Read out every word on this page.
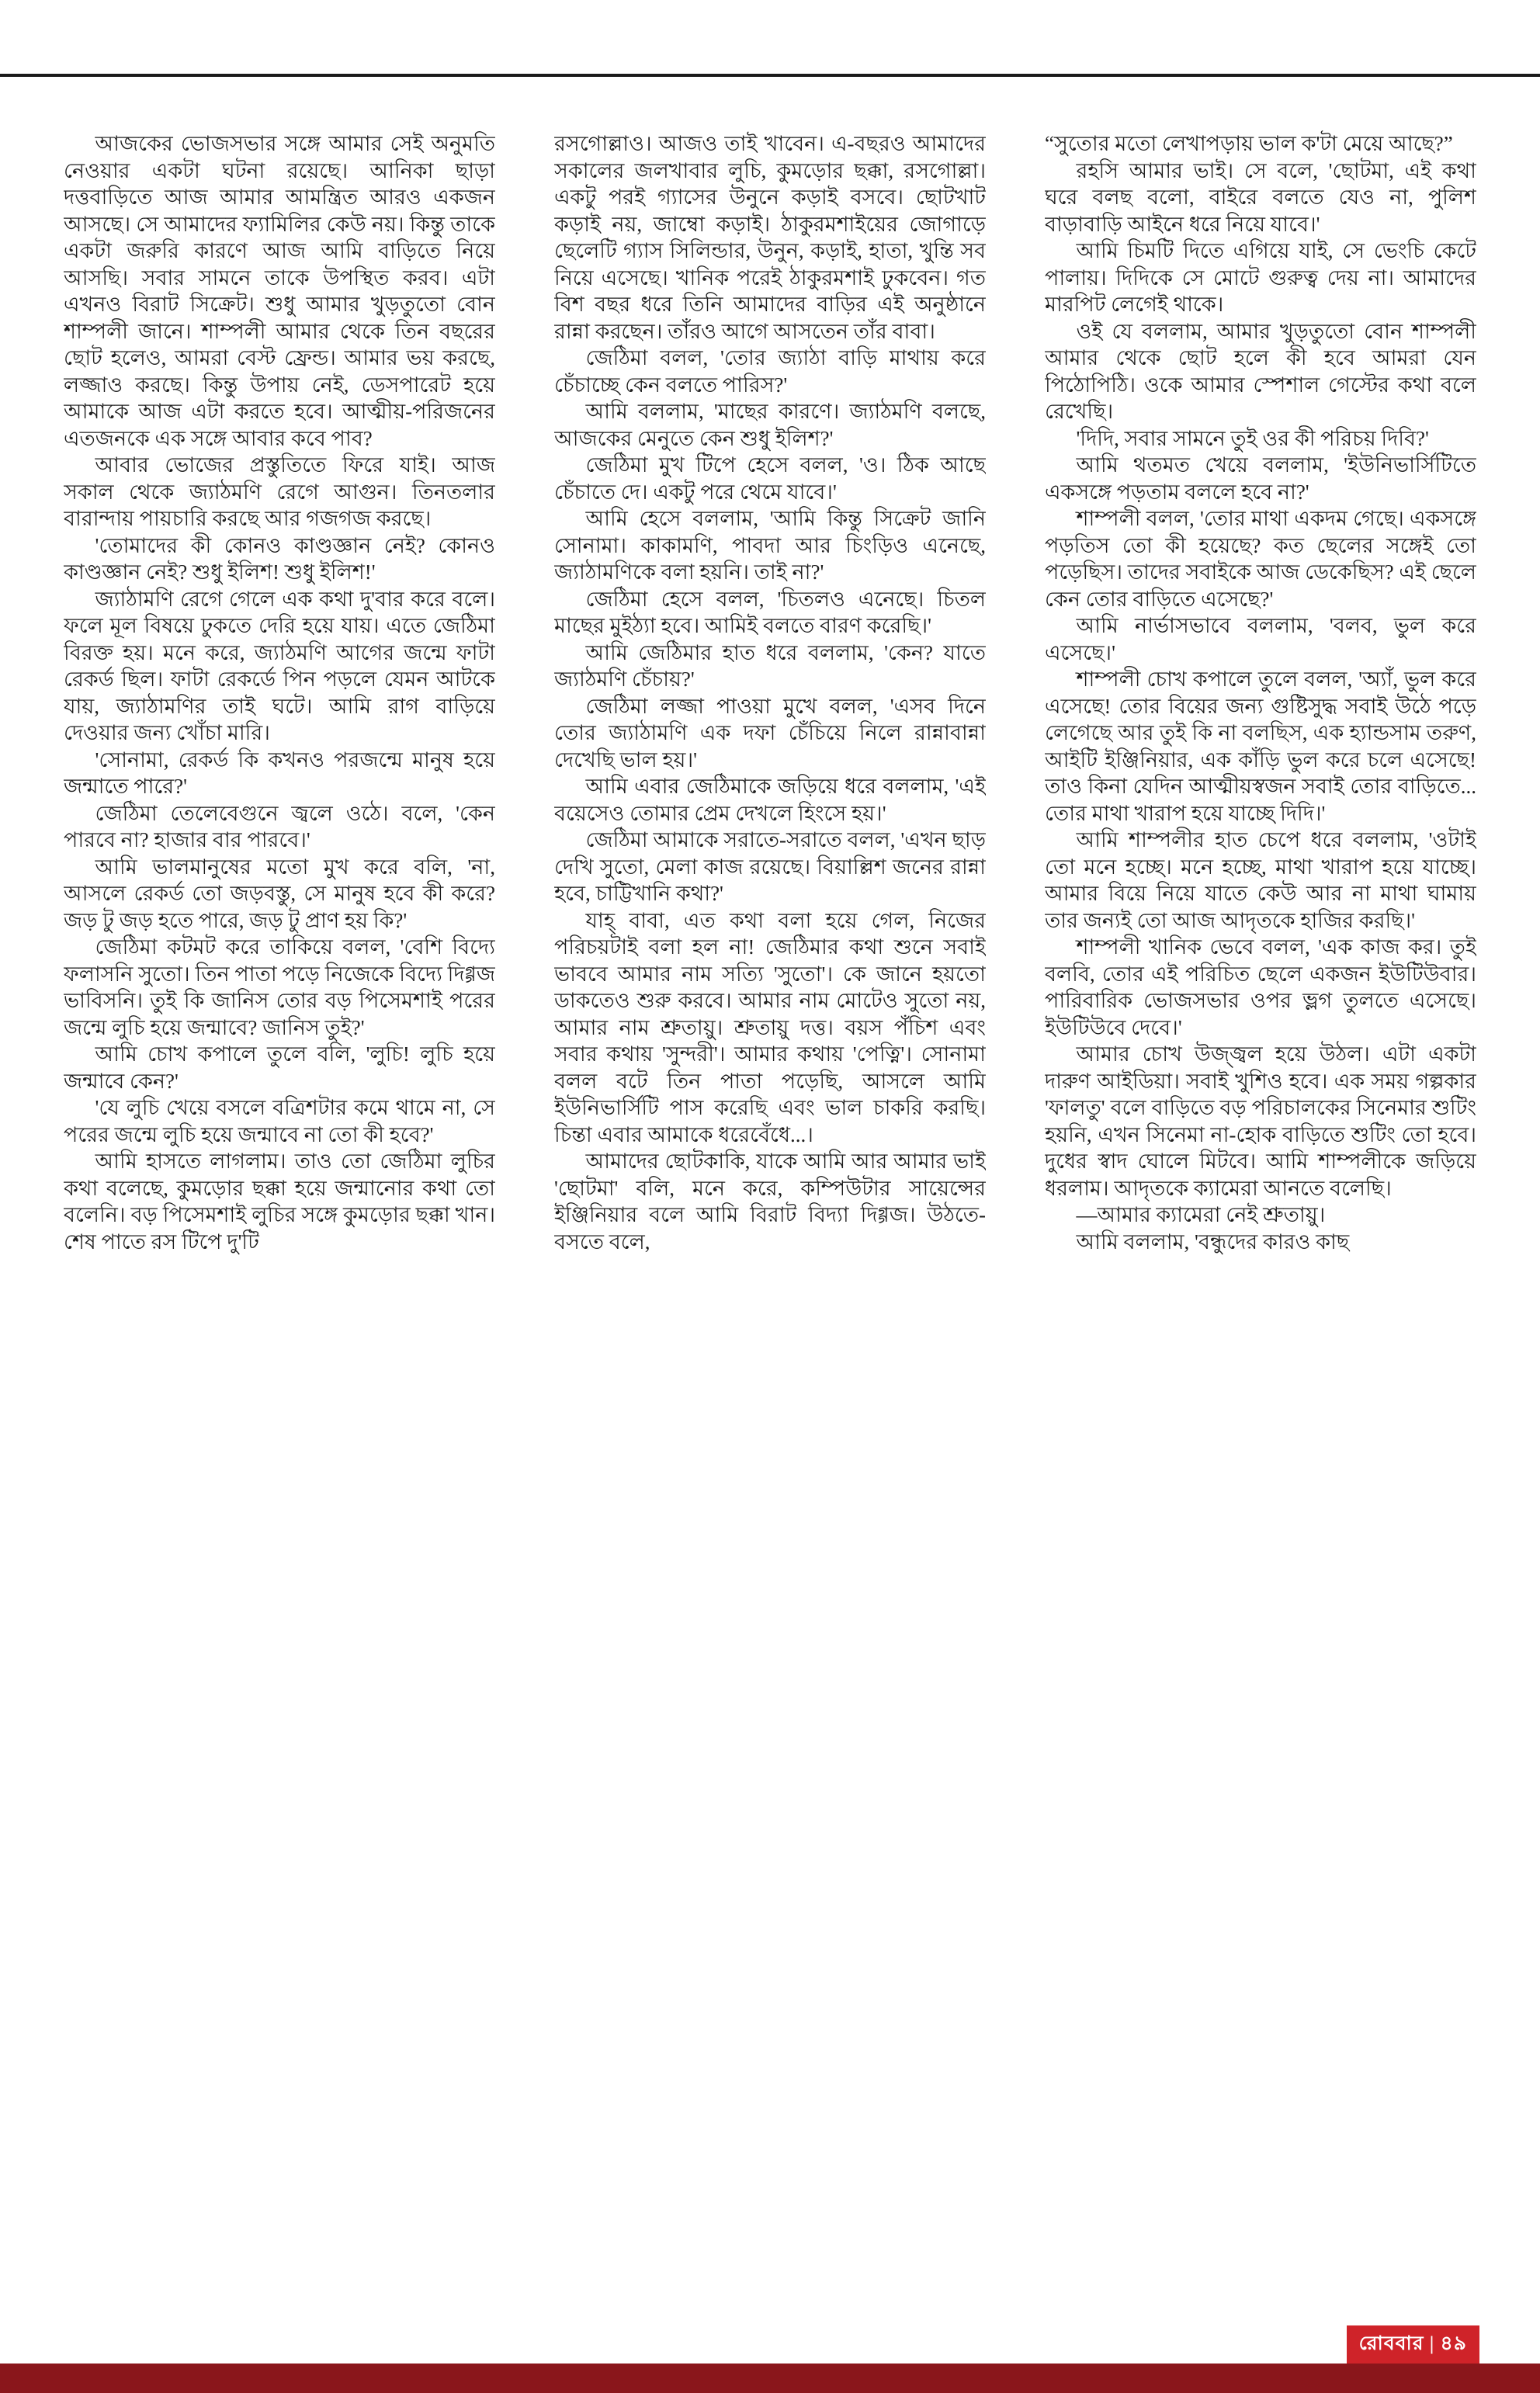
আজকের ভোজসভার সঙ্গে আমার সেই অনুমতি নেওয়ার একটা ঘটনা রয়েছে। আনিকা ছাড়া দত্তবাড়িতে আজ আমার আমন্ত্রিত আরও একজন আসছে। সে আমাদের ফ্যামিলির কেউ নয়। কিন্তু তাকে একটা জরুরি কারণে আজ আমি বাড়িতে নিয়ে আসছি। সবার সামনে তাকে উপস্থিত করব। এটা এখনও বিরাট সিক্রেট। শুধু আমার খুড়তুতো বোন শাম্পলী জানে। শাম্পলী আমার থেকে তিন বছরের ছোট হলেও, আমরা বেস্ট ফ্রেন্ড। আমার ভয় করছে, লজ্জাও করছে। কিন্তু উপায় নেই, ডেসপারেট হয়ে আমাকে আজ এটা করতে হবে। আত্মীয়-পরিজনের এতজনকে এক সঙ্গে আবার কবে পাব?

আবার ভোজের প্রস্তুতিতে ফিরে যাই। আজ সকাল থেকে জ্যাঠমণি রেগে আগুন। তিনতলার বারান্দায় পায়চারি করছে আর গজগজ করছে।

'তোমাদের কী কোনও কাণ্ডজ্ঞান নেই? কোনও কাণ্ডজ্ঞান নেই? শুধু ইলিশ! শুধু ইলিশ!'

জ্যাঠামণি রেগে গেলে এক কথা দু'বার করে বলে। ফলে মূল বিষয়ে ঢুকতে দেরি হয়ে যায়। এতে জেঠিমা বিরক্ত হয়। মনে করে, জ্যাঠমণি আগের জন্মে ফাটা রেকর্ড ছিল। ফাটা রেকর্ডে পিন পড়লে যেমন আটকে যায়, জ্যাঠামণির তাই ঘটে। আমি রাগ বাড়িয়ে দেওয়ার জন্য খোঁচা মারি।

'সোনামা, রেকর্ড কি কখনও পরজন্মে মানুষ হয়ে জন্মাতে পারে?'

জেঠিমা তেলেবেগুনে জ্বলে ওঠে। বলে, 'কেন পারবে না? হাজার বার পারবে।'

আমি ভালমানুষের মতো মুখ করে বলি, 'না, আসলে রেকর্ড তো জড়বস্তু, সে মানুষ হবে কী করে? জড় টু জড় হতে পারে, জড় টু প্রাণ হয় কি?'

জেঠিমা কটমট করে তাকিয়ে বলল, 'বেশি বিদ্যে ফলাসনি সুতো। তিন পাতা পড়ে নিজেকে বিদ্যে দিগ্গজ ভাবিসনি। তুই কি জানিস তোর বড় পিসেমশাই পরের জন্মে লুচি হয়ে জন্মাবে? জানিস তুই?'

আমি চোখ কপালে তুলে বলি, 'লুচি! লুচি হয়ে জন্মাবে কেন?'

'যে লুচি খেয়ে বসলে বত্রিশটার কমে থামে না, সে পরের জন্মে লুচি হয়ে জন্মাবে না তো কী হবে?'

আমি হাসতে লাগলাম। তাও তো জেঠিমা লুচির কথা বলেছে, কুমড়োর ছক্কা হয়ে জন্মানোর কথা তো বলেনি। বড় পিসেমশাই লুচির সঙ্গে কুমড়োর ছক্কা খান। শেষ পাতে রস টিপে দু'টি

রসগোল্লাও। আজও তাই খাবেন। এ-বছরও আমাদের সকালের জলখাবার লুচি, কুমড়োর ছক্কা, রসগোল্লা। একটু পরই গ্যাসের উনুনে কড়াই বসবে। ছোটখাট কড়াই নয়, জাম্বো কড়াই। ঠাকুরমশাইয়ের জোগাড়ে ছেলেটি গ্যাস সিলিন্ডার, উনুন, কড়াই, হাতা, খুন্তি সব নিয়ে এসেছে। খানিক পরেই ঠাকুরমশাই ঢুকবেন। গত বিশ বছর ধরে তিনি আমাদের বাড়ির এই অনুষ্ঠানে রান্না করছেন। তাঁরও আগে আসতেন তাঁর বাবা।

জেঠিমা বলল, 'তোর জ্যাঠা বাড়ি মাথায় করে চেঁচাচ্ছে কেন বলতে পারিস?'

আমি বললাম, 'মাছের কারণে। জ্যাঠমণি বলছে, আজকের মেনুতে কেন শুধু ইলিশ?'

জেঠিমা মুখ টিপে হেসে বলল, 'ও। ঠিক আছে চেঁচাতে দে। একটু পরে থেমে যাবে।'

আমি হেসে বললাম, 'আমি কিন্তু সিক্রেট জানি সোনামা। কাকামণি, পাবদা আর চিংড়িও এনেছে, জ্যাঠামণিকে বলা হয়নি। তাই না?'

জেঠিমা হেসে বলল, 'চিতলও এনেছে। চিতল মাছের মুইঠ্যা হবে। আমিই বলতে বারণ করেছি।'

আমি জেঠিমার হাত ধরে বললাম, 'কেন? যাতে জ্যাঠমণি চেঁচায়?'

জেঠিমা লজ্জা পাওয়া মুখে বলল, 'এসব দিনে তোর জ্যাঠামণি এক দফা চেঁচিয়ে নিলে রান্নাবান্না দেখেছি ভাল হয়।'

আমি এবার জেঠিমাকে জড়িয়ে ধরে বললাম, 'এই বয়েসেও তোমার প্রেম দেখলে হিংসে হয়।'

জেঠিমা আমাকে সরাতে-সরাতে বলল, 'এখন ছাড় দেখি সুতো, মেলা কাজ রয়েছে। বিয়াল্লিশ জনের রান্না হবে, চাট্টিখানি কথা?'

যাহ্‌ বাবা, এত কথা বলা হয়ে গেল, নিজের পরিচয়টাই বলা হল না! জেঠিমার কথা শুনে সবাই ভাববে আমার নাম সত্যি 'সুতো'। কে জানে হয়তো ডাকতেও শুরু করবে। আমার নাম মোটেও সুতো নয়, আমার নাম শ্রুতায়ু। শ্রুতায়ু দত্ত। বয়স পঁচিশ এবং সবার কথায় 'সুন্দরী'। আমার কথায় 'পেত্নি'। সোনামা বলল বটে তিন পাতা পড়েছি, আসলে আমি ইউনিভার্সিটি পাস করেছি এবং ভাল চাকরি করছি। চিন্তা এবার আমাকে ধরেবেঁধে...।

আমাদের ছোটকাকি, যাকে আমি আর আমার ভাই 'ছোটমা' বলি, মনে করে, কম্পিউটার সায়েন্সের ইঞ্জিনিয়ার বলে আমি বিরাট বিদ্যা দিগ্গজ। উঠতে-বসতে বলে,

“সুতোর মতো লেখাপড়ায় ভাল ক'টা মেয়ে আছে?”

রহসি আমার ভাই। সে বলে, 'ছোটমা, এই কথা ঘরে বলছ বলো, বাইরে বলতে যেও না, পুলিশ বাড়াবাড়ি আইনে ধরে নিয়ে যাবে।'

আমি চিমটি দিতে এগিয়ে যাই, সে ভেংচি কেটে পালায়। দিদিকে সে মোটে গুরুত্ব দেয় না। আমাদের মারপিট লেগেই থাকে।

ওই যে বললাম, আমার খুড়তুতো বোন শাম্পলী আমার থেকে ছোট হলে কী হবে আমরা যেন পিঠোপিঠি। ওকে আমার স্পেশাল গেস্টের কথা বলে রেখেছি।

'দিদি, সবার সামনে তুই ওর কী পরিচয় দিবি?'

আমি থতমত খেয়ে বললাম, 'ইউনিভার্সিটিতে একসঙ্গে পড়তাম বললে হবে না?'

শাম্পলী বলল, 'তোর মাথা একদম গেছে। একসঙ্গে পড়তিস তো কী হয়েছে? কত ছেলের সঙ্গেই তো পড়েছিস। তাদের সবাইকে আজ ডেকেছিস? এই ছেলে কেন তোর বাড়িতে এসেছে?'

আমি নার্ভাসভাবে বললাম, 'বলব, ভুল করে এসেছে।'

শাম্পলী চোখ কপালে তুলে বলল, 'অ্যাঁ, ভুল করে এসেছে! তোর বিয়ের জন্য গুষ্টিসুদ্ধ সবাই উঠে পড়ে লেগেছে আর তুই কি না বলছিস, এক হ্যান্ডসাম তরুণ, আইটি ইঞ্জিনিয়ার, এক কাঁড়ি ভুল করে চলে এসেছে! তাও কিনা যেদিন আত্মীয়স্বজন সবাই তোর বাড়িতে... তোর মাথা খারাপ হয়ে যাচ্ছে দিদি।'

আমি শাম্পলীর হাত চেপে ধরে বললাম, 'ওটাই তো মনে হচ্ছে। মনে হচ্ছে, মাথা খারাপ হয়ে যাচ্ছে। আমার বিয়ে নিয়ে যাতে কেউ আর না মাথা ঘামায় তার জন্যই তো আজ আদৃতকে হাজির করছি।'

শাম্পলী খানিক ভেবে বলল, 'এক কাজ কর। তুই বলবি, তোর এই পরিচিত ছেলে একজন ইউটিউবার। পারিবারিক ভোজসভার ওপর ভ্লগ তুলতে এসেছে। ইউটিউবে দেবে।'

আমার চোখ উজ্জ্বল হয়ে উঠল। এটা একটা দারুণ আইডিয়া। সবাই খুশিও হবে। এক সময় গল্পকার 'ফালতু' বলে বাড়িতে বড় পরিচালকের সিনেমার শুটিং হয়নি, এখন সিনেমা না-হোক বাড়িতে শুটিং তো হবে। দুধের স্বাদ ঘোলে মিটবে। আমি শাম্পলীকে জড়িয়ে ধরলাম। আদৃতকে ক্যামেরা আনতে বলেছি।

—আমার ক্যামেরা নেই শ্রুতায়ু।

আমি বললাম, 'বন্ধুদের কারও কাছ

রোববার | ৪৯
